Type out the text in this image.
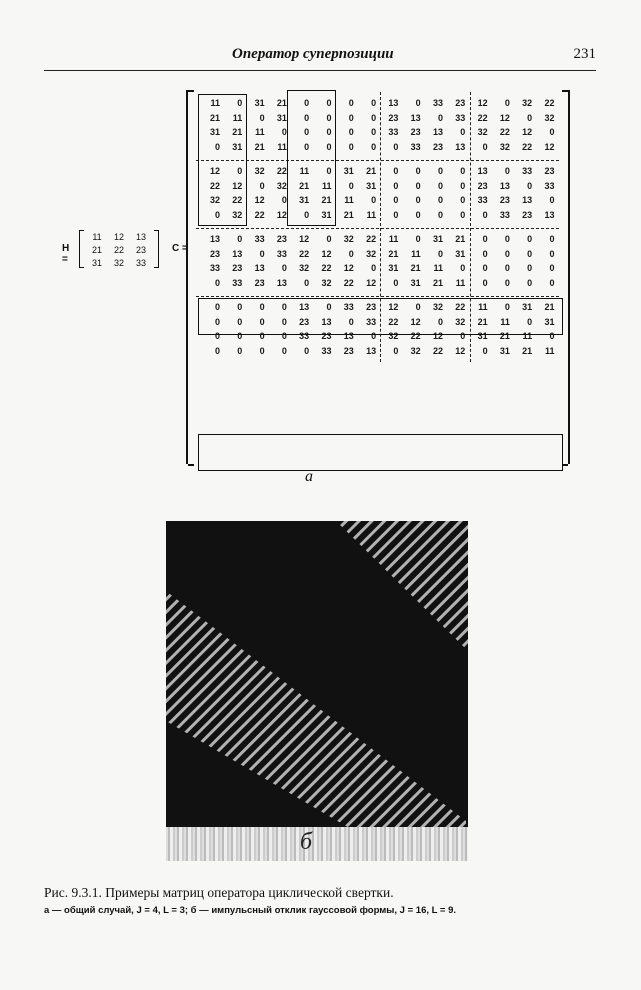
Оператор суперпозиции	231
H =
11	12	13
21	22	23
31	32	33
C =
11	0	31	21	0	0	0	0	13	0	33	23	12	0	32	22
21	11	0	31	0	0	0	0	23	13	0	33	22	12	0	32
31	21	11	0	0	0	0	0	33	23	13	0	32	22	12	0
0	31	21	11	0	0	0	0	0	33	23	13	0	32	22	12
12	0	32	22	11	0	31	21	0	0	0	0	13	0	33	23
22	12	0	32	21	11	0	31	0	0	0	0	23	13	0	33
32	22	12	0	31	21	11	0	0	0	0	0	33	23	13	0
0	32	22	12	0	31	21	11	0	0	0	0	0	33	23	13
13	0	33	23	12	0	32	22	11	0	31	21	0	0	0	0
23	13	0	33	22	12	0	32	21	11	0	31	0	0	0	0
33	23	13	0	32	22	12	0	31	21	11	0	0	0	0	0
0	33	23	13	0	32	22	12	0	31	21	11	0	0	0	0
0	0	0	0	13	0	33	23	12	0	32	22	11	0	31	21
0	0	0	0	23	13	0	33	22	12	0	32	21	11	0	31
0	0	0	0	33	23	13	0	32	22	12	0	31	21	11	0
0	0	0	0	0	33	23	13	0	32	22	12	0	31	21	11
a
б
Рис. 9.3.1. Примеры матриц оператора циклической свертки.
a — общий случай, J = 4, L = 3; б — импульсный отклик гауссовой формы, J = 16, L = 9.
